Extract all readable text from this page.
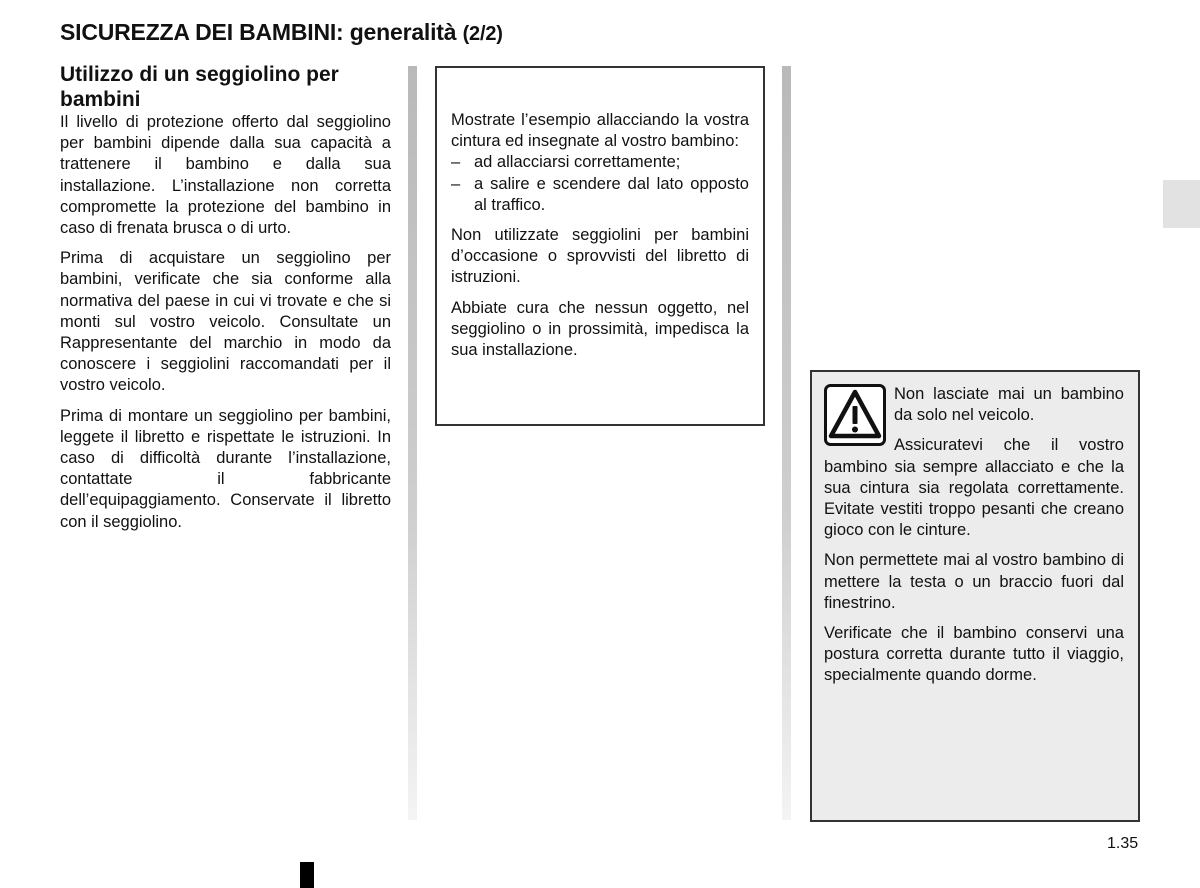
SICUREZZA DEI BAMBINI: generalità (2/2)
Utilizzo di un seggiolino per bambini

Il livello di protezione offerto dal seggiolino per bambini dipende dalla sua capacità a trattenere il bambino e dalla sua installazione. L’installazione non corretta compromette la protezione del bambino in caso di frenata brusca o di urto.

Prima di acquistare un seggiolino per bambini, verificate che sia conforme alla normativa del paese in cui vi trovate e che si monti sul vostro veicolo. Consultate un Rappresentante del marchio in modo da conoscere i seggiolini raccomandati per il vostro veicolo.

Prima di montare un seggiolino per bambini, leggete il libretto e rispettate le istruzioni. In caso di difficoltà durante l’installazione, contattate il fabbricante dell’equipaggiamento. Conservate il libretto con il seggiolino.

Mostrate l’esempio allacciando la vostra cintura ed insegnate al vostro bambino:

– ad allacciarsi correttamente;
– a salire e scendere dal lato opposto al traffico.

Non utilizzate seggiolini per bambini d’occasione o sprovvisti del libretto di istruzioni.

Abbiate cura che nessun oggetto, nel seggiolino o in prossimità, impedisca la sua installazione.

Non lasciate mai un bambino da solo nel veicolo.

Assicuratevi che il vostro bambino sia sempre allacciato e che la sua cintura sia regolata correttamente. Evitate vestiti troppo pesanti che creano gioco con le cinture.

Non permettete mai al vostro bambino di mettere la testa o un braccio fuori dal finestrino.

Verificate che il bambino conservi una postura corretta durante tutto il viaggio, specialmente quando dorme.

1.35
